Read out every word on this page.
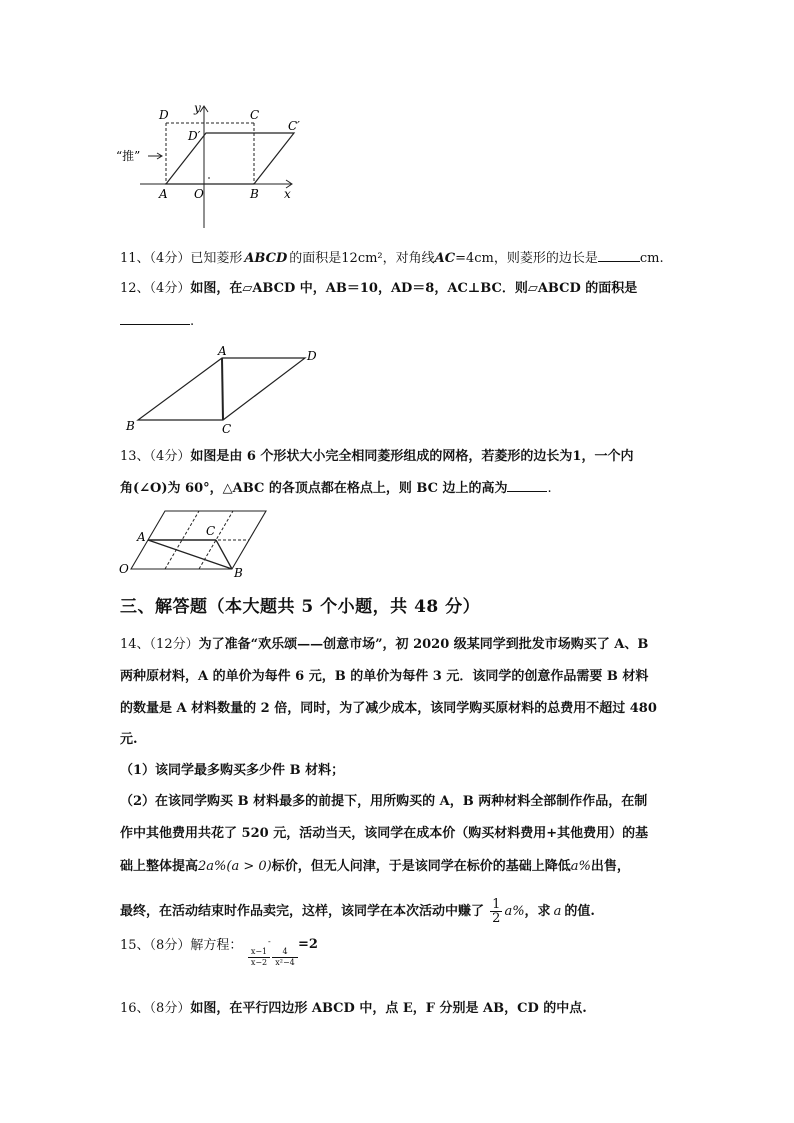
y
D	C
D′
C′
“推”
A O	B x
11、（4分）已知菱形 ABCD 的面积是12cm²，对角线AC=4cm，则菱形的边长是	cm.
12、（4分）如图，在▱ABCD 中，AB＝10，AD＝8，AC⊥BC．则▱ABCD 的面积是
.
A	D
B	C
13、（4分）如图是由 6 个形状大小完全相同菱形组成的网格，若菱形的边长为1，一个内
角(∠O)为 60°，△ABC 的各顶点都在格点上，则 BC 边上的高为	.
A	C
O	B
三、解答题（本大题共 5 个小题，共 48 分）
14、（12分）为了准备“欢乐颂——创意市场”，初 2020 级某同学到批发市场购买了 A、B
两种原材料，A 的单价为每件 6 元，B 的单价为每件 3 元．该同学的创意作品需要 B 材料
的数量是 A 材料数量的 2 倍，同时，为了减少成本，该同学购买原材料的总费用不超过 480
元.
（1）该同学最多购买多少件 B 材料；
（2）在该同学购买 B 材料最多的前提下，用所购买的 A，B 两种材料全部制作作品，在制
作中其他费用共花了 520 元，活动当天，该同学在成本价（购买材料费用+其他费用）的基
础上整体提高2a%(a > 0)标价，但无人问津，于是该同学在标价的基础上降低a%出售，
最终，在活动结束时作品卖完，这样，该同学在本次活动中赚了 $\frac{1}{2} a\%$，求 a 的值.
15、（8分）解方程：	-
$\frac{x-1}{x-2} \frac{4}{\text{x²−4}}$
=2
16、（8分）如图，在平行四边形 ABCD 中，点 E，F 分别是 AB，CD 的中点.
